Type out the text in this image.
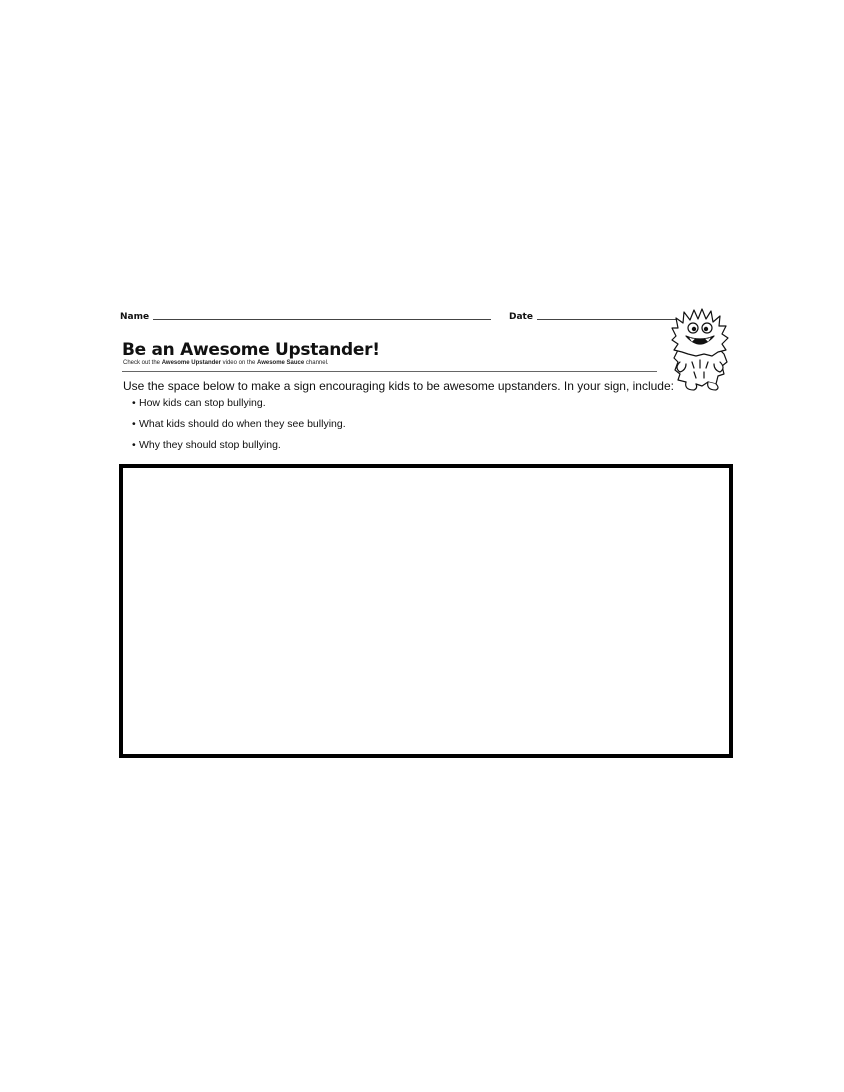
Name	Date
Be an Awesome Upstander!
Check out the Awesome Upstander video on the Awesome Sauce channel.
Use the space below to make a sign encouraging kids to be awesome upstanders. In your sign, include:
• How kids can stop bullying.
• What kids should do when they see bullying.
• Why they should stop bullying.
